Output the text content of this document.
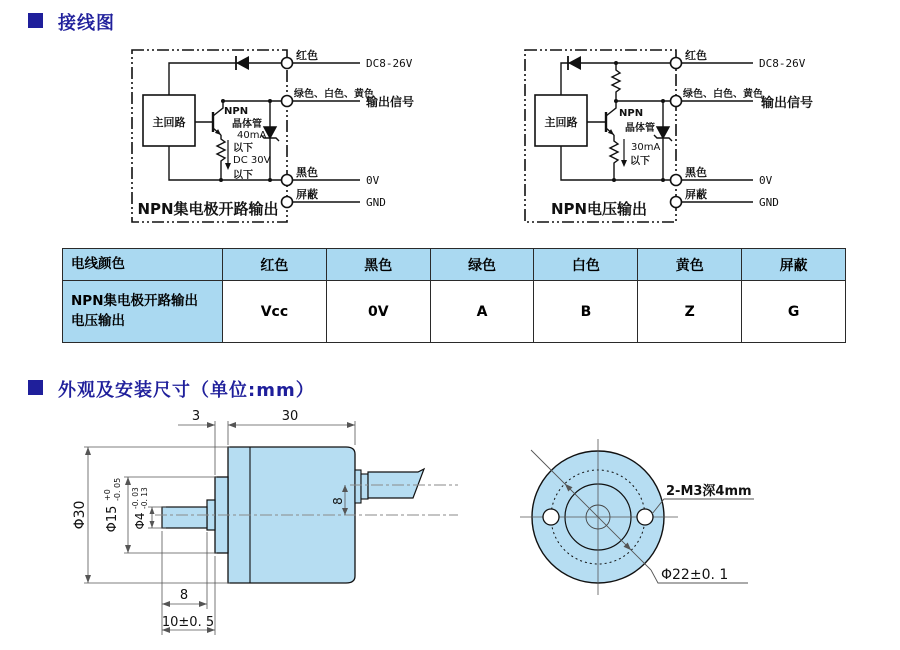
接线图
主回路
NPN
晶体管
40mA
以下
DC 30V
以下
红色
绿色、白色、黄色
黑色
屏蔽
DC8-26V
输出信号
0V
GND
NPN集电极开路输出
主回路
NPN
晶体管
30mA
以下
红色
绿色、白色、黄色
黑色
屏蔽
DC8-26V
输出信号
0V
GND
NPN电压输出
电线颜色	红色	黑色	绿色	白色	黄色	屏蔽

NPN集电极开路输出
电压输出	Vcc	0V	A	B	Z	G
外观及安装尺寸（单位:mm）
3	30
Φ30 Φ15
+0 -0. 05
Φ4
-0. 03 -0. 13
8
10±0. 5
8
Φ22±0. 1
2-M3深4mm
